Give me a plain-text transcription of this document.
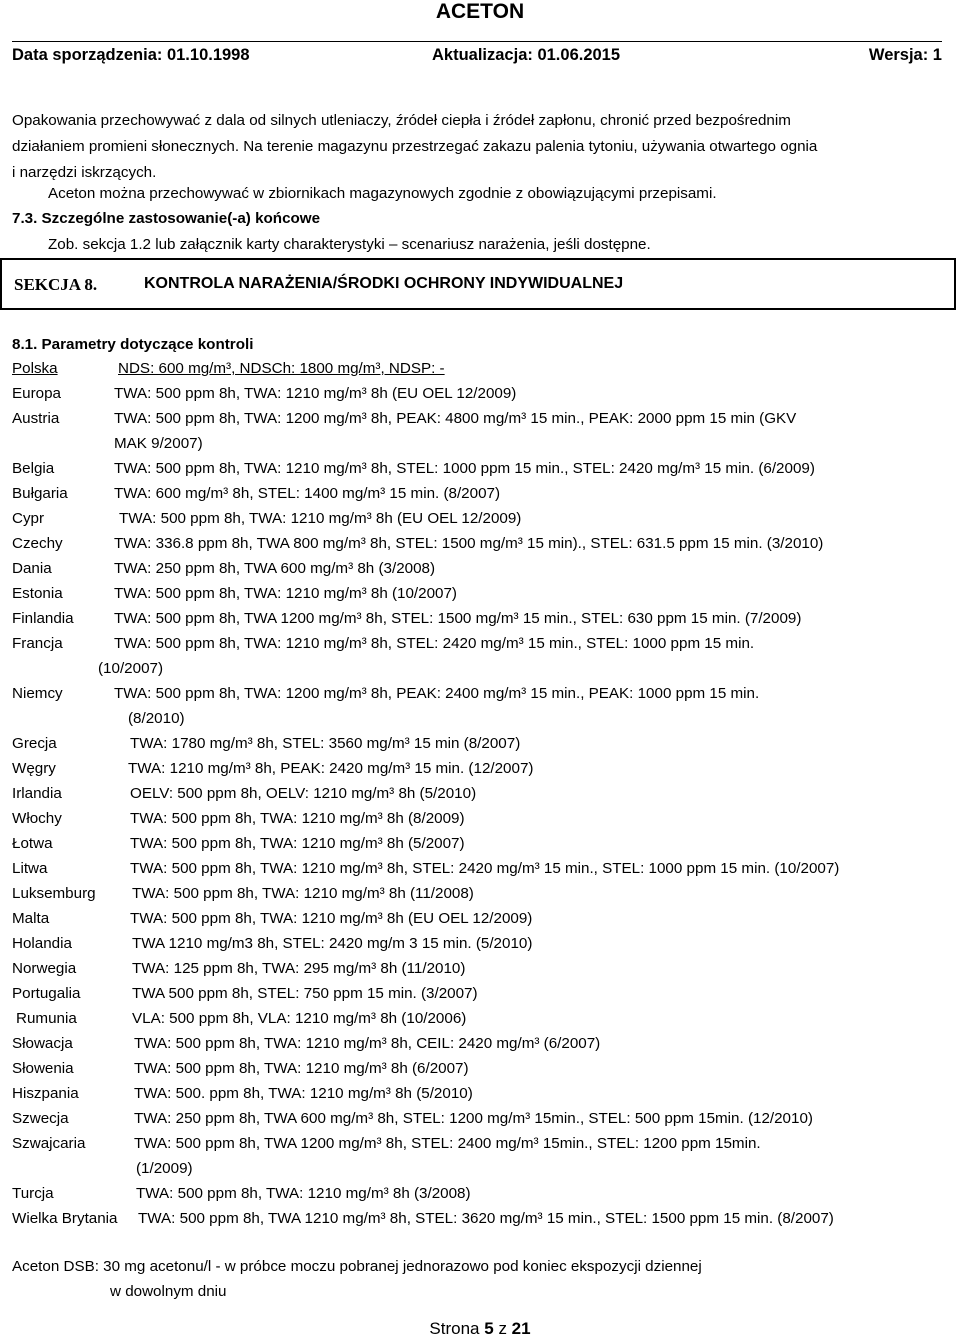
ACETON
Data sporządzenia: 01.10.1998	Aktualizacja: 01.06.2015	Wersja: 1
Opakowania przechowywać z dala od silnych utleniaczy, źródeł ciepła i źródeł zapłonu, chronić przed bezpośrednim
działaniem promieni słonecznych. Na terenie magazynu przestrzegać zakazu palenia tytoniu, używania otwartego ognia
i narzędzi iskrzących.
Aceton można przechowywać w zbiornikach magazynowych zgodnie z obowiązującymi przepisami.
7.3. Szczególne zastosowanie(-a) końcowe
Zob. sekcja 1.2 lub załącznik karty charakterystyki – scenariusz narażenia, jeśli dostępne.
SEKCJA 8.	KONTROLA NARAŻENIA/ŚRODKI OCHRONY INDYWIDUALNEJ
8.1. Parametry dotyczące kontroli
Polska	NDS: 600 mg/m³, NDSCh: 1800 mg/m³, NDSP: -
Europa	TWA: 500 ppm 8h, TWA: 1210 mg/m³ 8h (EU OEL 12/2009)
Austria	TWA: 500 ppm 8h, TWA: 1200 mg/m³ 8h, PEAK: 4800 mg/m³ 15 min., PEAK: 2000 ppm 15 min (GKV
MAK 9/2007)
Belgia	TWA: 500 ppm 8h, TWA: 1210 mg/m³ 8h, STEL: 1000 ppm 15 min., STEL: 2420 mg/m³ 15 min. (6/2009)
Bułgaria	TWA: 600 mg/m³ 8h, STEL: 1400 mg/m³ 15 min. (8/2007)
Cypr	TWA: 500 ppm 8h, TWA: 1210 mg/m³ 8h (EU OEL 12/2009)
Czechy	TWA: 336.8 ppm 8h, TWA 800 mg/m³ 8h, STEL: 1500 mg/m³ 15 min)., STEL: 631.5 ppm 15 min. (3/2010)
Dania	TWA: 250 ppm 8h, TWA 600 mg/m³ 8h (3/2008)
Estonia	TWA: 500 ppm 8h, TWA: 1210 mg/m³ 8h (10/2007)
Finlandia	TWA: 500 ppm 8h, TWA 1200 mg/m³ 8h, STEL: 1500 mg/m³ 15 min., STEL: 630 ppm 15 min. (7/2009)
Francja	TWA: 500 ppm 8h, TWA: 1210 mg/m³ 8h, STEL: 2420 mg/m³ 15 min., STEL: 1000 ppm 15 min.
(10/2007)
Niemcy	TWA: 500 ppm 8h, TWA: 1200 mg/m³ 8h, PEAK: 2400 mg/m³ 15 min., PEAK: 1000 ppm 15 min.
(8/2010)
Grecja	TWA: 1780 mg/m³ 8h, STEL: 3560 mg/m³ 15 min (8/2007)
Węgry	TWA: 1210 mg/m³ 8h, PEAK: 2420 mg/m³ 15 min. (12/2007)
Irlandia	OELV: 500 ppm 8h, OELV: 1210 mg/m³ 8h (5/2010)
Włochy	TWA: 500 ppm 8h, TWA: 1210 mg/m³ 8h (8/2009)
Łotwa	TWA: 500 ppm 8h, TWA: 1210 mg/m³ 8h (5/2007)
Litwa	TWA: 500 ppm 8h, TWA: 1210 mg/m³ 8h, STEL: 2420 mg/m³ 15 min., STEL: 1000 ppm 15 min. (10/2007)
Luksemburg TWA: 500 ppm 8h, TWA: 1210 mg/m³ 8h (11/2008)
Malta	TWA: 500 ppm 8h, TWA: 1210 mg/m³ 8h (EU OEL 12/2009)
Holandia	TWA 1210 mg/m3 8h, STEL: 2420 mg/m 3 15 min. (5/2010)
Norwegia	TWA: 125 ppm 8h, TWA: 295 mg/m³ 8h (11/2010)
Portugalia	TWA 500 ppm 8h, STEL: 750 ppm 15 min. (3/2007)
Rumunia	VLA: 500 ppm 8h, VLA: 1210 mg/m³ 8h (10/2006)
Słowacja	TWA: 500 ppm 8h, TWA: 1210 mg/m³ 8h, CEIL: 2420 mg/m³ (6/2007)
Słowenia	TWA: 500 ppm 8h, TWA: 1210 mg/m³ 8h (6/2007)
Hiszpania	TWA: 500. ppm 8h, TWA: 1210 mg/m³ 8h (5/2010)
Szwecja	TWA: 250 ppm 8h, TWA 600 mg/m³ 8h, STEL: 1200 mg/m³ 15min., STEL: 500 ppm 15min. (12/2010)
Szwajcaria	TWA: 500 ppm 8h, TWA 1200 mg/m³ 8h, STEL: 2400 mg/m³ 15min., STEL: 1200 ppm 15min.
(1/2009)
Turcja	TWA: 500 ppm 8h, TWA: 1210 mg/m³ 8h (3/2008)
Wielka Brytania TWA: 500 ppm 8h, TWA 1210 mg/m³ 8h, STEL: 3620 mg/m³ 15 min., STEL: 1500 ppm 15 min. (8/2007)
Aceton DSB: 30 mg acetonu/l - w próbce moczu pobranej jednorazowo pod koniec ekspozycji dziennej
w dowolnym dniu
Strona 5 z 21
